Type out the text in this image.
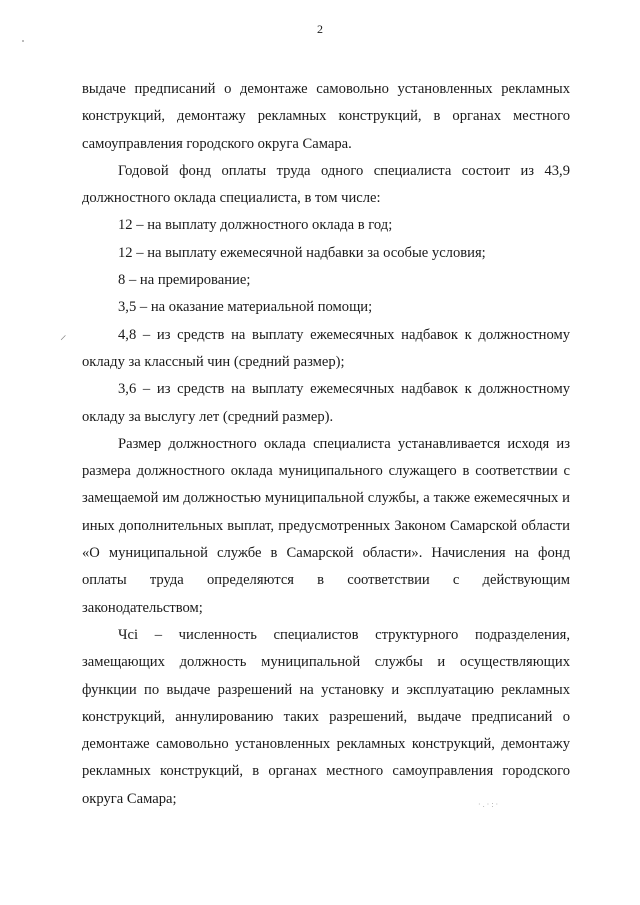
2
⸝

выдаче предписаний о демонтаже самовольно установленных рекламных конструкций, демонтажу рекламных конструкций, в органах местного самоуправления городского округа Самара.

Годовой фонд оплаты труда одного специалиста состоит из 43,9 должностного оклада специалиста, в том числе:

12 – на выплату должностного оклада в год;

12 – на выплату ежемесячной надбавки за особые условия;

8 – на премирование;

3,5 – на оказание материальной помощи;

4,8 – из средств на выплату ежемесячных надбавок к должностному окладу за классный чин (средний размер);

3,6 – из средств на выплату ежемесячных надбавок к должностному окладу за выслугу лет (средний размер).

Размер должностного оклада специалиста устанавливается исходя из размера должностного оклада муниципального служащего в соответствии с замещаемой им должностью муниципальной службы, а также ежемесячных и иных дополнительных выплат, предусмотренных Законом Самарской области «О муниципальной службе в Самарской области». Начисления на фонд оплаты труда определяются в соответствии с действующим законодательством;

Чсі – численность специалистов структурного подразделения, замещающих должность муниципальной службы и осуществляющих функции по выдаче разрешений на установку и эксплуатацию рекламных конструкций, аннулированию таких разрешений, выдаче предписаний о демонтаже самовольно установленных рекламных конструкций, демонтажу рекламных конструкций, в органах местного самоуправления городского округа Самара;	·.·:·
